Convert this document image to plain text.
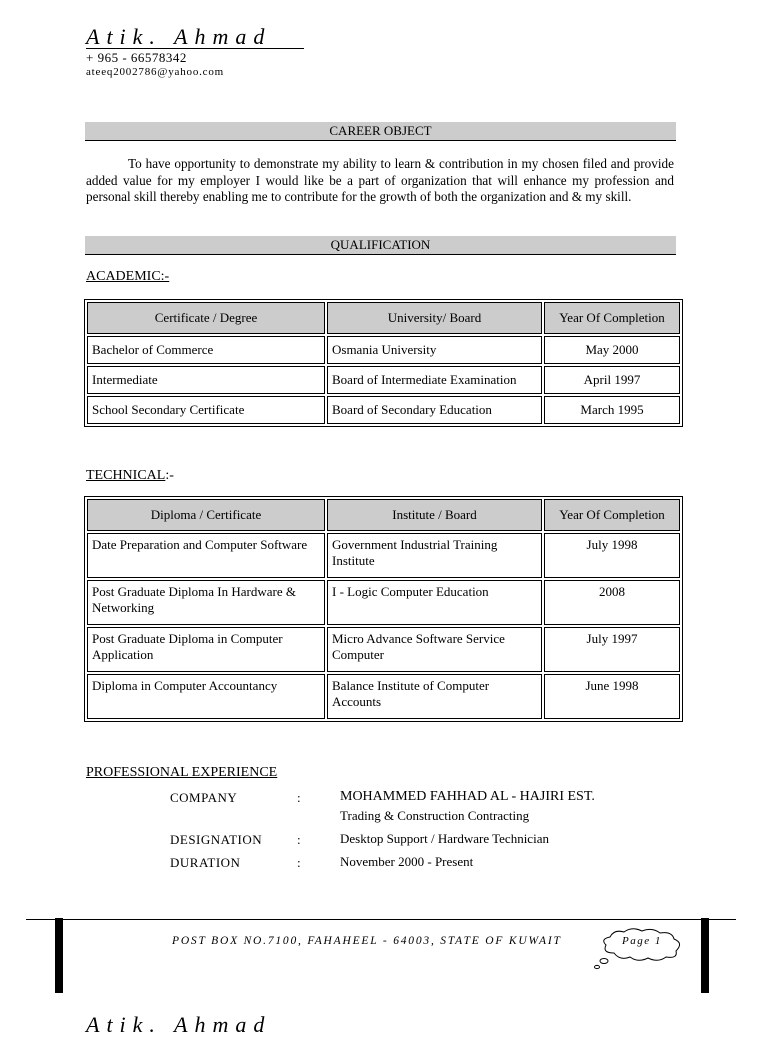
Atik. Ahmad
+ 965 - 66578342
ateeq2002786@yahoo.com
CAREER OBJECT
To have opportunity to demonstrate my ability to learn & contribution in my chosen filed and provide added value for my employer I would like be a part of organization that will enhance my profession and personal skill thereby enabling me to contribute for the growth of both the organization and & my skill.
QUALIFICATION
ACADEMIC:-
Certificate / Degree	University/ Board	Year Of Completion
Bachelor of Commerce	Osmania University	May 2000
Intermediate	Board of Intermediate Examination	April 1997
School Secondary Certificate	Board of Secondary Education	March 1995
TECHNICAL:-
Diploma / Certificate	Institute / Board	Year Of Completion
Date Preparation and Computer Software	Government Industrial Training Institute	July 1998
Post Graduate Diploma In Hardware & Networking	I - Logic Computer Education	2008
Post Graduate Diploma in Computer Application	Micro Advance Software Service Computer	July 1997
Diploma in Computer Accountancy	Balance Institute of Computer Accounts	June 1998
PROFESSIONAL EXPERIENCE
COMPANY	:	MOHAMMED FAHHAD AL - HAJIRI EST.
Trading & Construction Contracting
DESIGNATION	:	Desktop Support / Hardware Technician
DURATION	:	November 2000 - Present
POST BOX NO.7100, FAHAHEEL - 64003, STATE OF KUWAIT	Page 1
Atik. Ahmad
